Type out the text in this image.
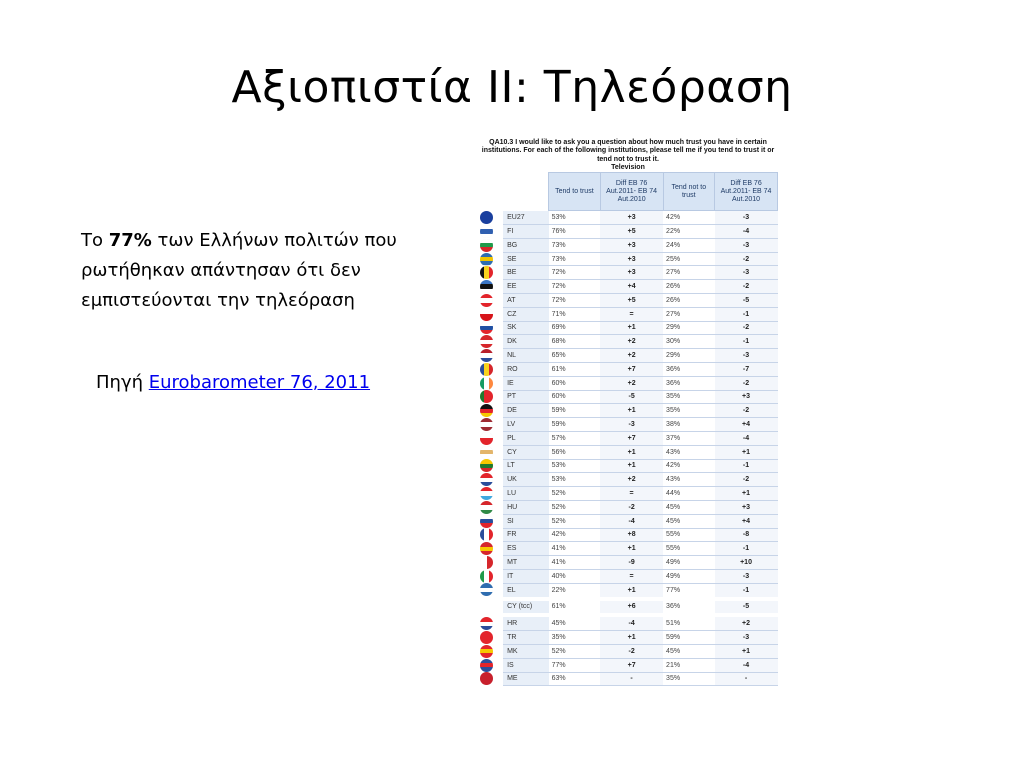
Αξιοπιστία ΙΙ: Τηλεόραση
Το 77% των Ελλήνων πολιτών που ρωτήθηκαν απάντησαν ότι δεν εμπιστεύονται την τηλεόραση
Πηγή Eurobarometer 76, 2011
QA10.3 I would like to ask you a question about how much trust you have in certain institutions. For each of the following institutions, please tell me if you tend to trust it or tend not to trust it.
Television
		Tend to trust	Diff EB 76 Aut.2011- EB 74 Aut.2010	Tend not to trust	Diff EB 76 Aut.2011- EB 74 Aut.2010

	EU27	53%	+3	42%	-3

	FI	76%	+5	22%	-4

	BG	73%	+3	24%	-3

	SE	73%	+3	25%	-2
	BE	72%	+3	27%	-3

	EE	72%	+4	26%	-2

	AT	72%	+5	26%	-5

	CZ	71%	=	27%	-1

	SK	69%	+1	29%	-2

	DK	68%	+2	30%	-1

	NL	65%	+2	29%	-3
	RO	61%	+7	36%	-7
	IE	60%	+2	36%	-2
	PT	60%	-5	35%	+3

	DE	59%	+1	35%	-2

	LV	59%	-3	38%	+4

	PL	57%	+7	37%	-4

	CY	56%	+1	43%	+1

	LT	53%	+1	42%	-1

	UK	53%	+2	43%	-2

	LU	52%	=	44%	+1

	HU	52%	-2	45%	+3

	SI	52%	-4	45%	+4
	FR	42%	+8	55%	-8

	ES	41%	+1	55%	-1
	MT	41%	-9	49%	+10
	IT	40%	=	49%	-3

	EL	22%	+1	77%	-1
	CY (tcc)	61%	+6	36%	-5

	HR	45%	-4	51%	+2

	TR	35%	+1	59%	-3

	MK	52%	-2	45%	+1

	IS	77%	+7	21%	-4

	ME	63%	-	35%	-
